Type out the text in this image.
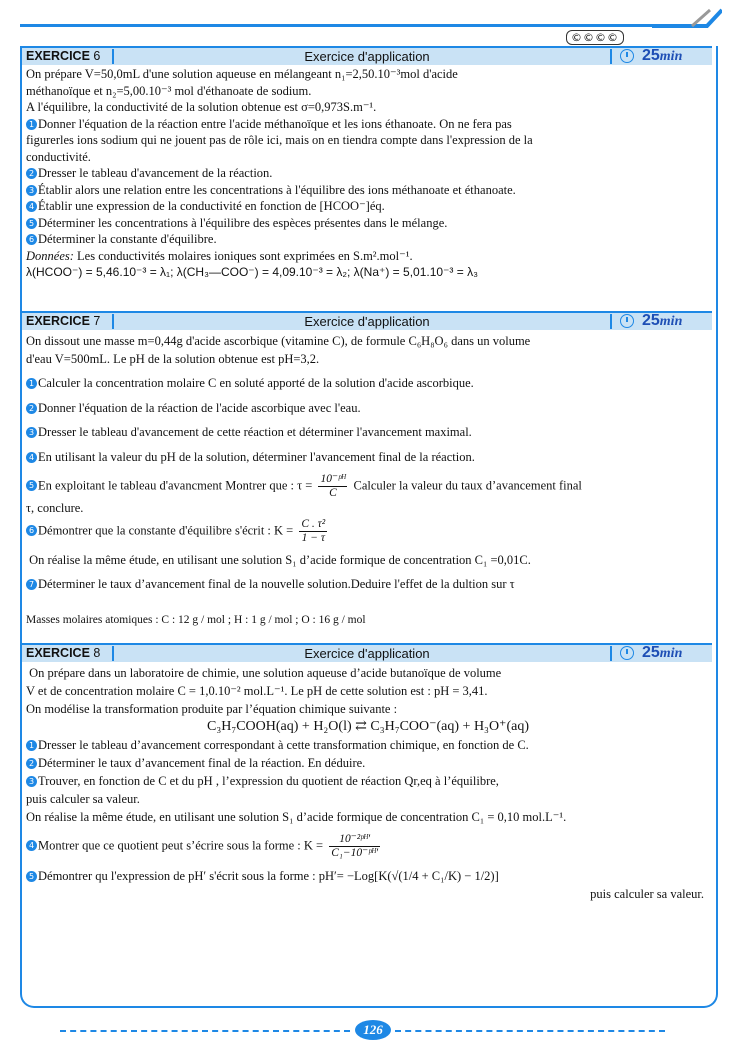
©©©©
EXERCICE 6	Exercice d'application	25min

On prépare V=50,0mL d'une solution aqueuse en mélangeant n₁=2,50.10⁻³mol d'acide

méthanoïque et n₂=5,00.10⁻³ mol d'éthanoate de sodium.

A l'équilibre, la conductivité de la solution obtenue est σ=0,973S.m⁻¹.

1 Donner l'équation de la réaction entre l'acide méthanoïque et les ions éthanoate. On ne fera pas

figurerles ions sodium qui ne jouent pas de rôle ici, mais on en tiendra compte dans l'expression de la

conductivité.

2 Dresser le tableau d'avancement de la réaction.

3 Établir alors une relation entre les concentrations à l'équilibre des ions méthanoate et éthanoate.

4 Établir une expression de la conductivité en fonction de [HCOO⁻]éq.

5 Déterminer les concentrations à l'équilibre des espèces présentes dans le mélange.

6 Déterminer la constante d'équilibre.

Données: Les conductivités molaires ioniques sont exprimées en S.m².mol⁻¹.

λ(HCOO⁻) = 5,46.10⁻³ = λ₁; λ(CH₃—COO⁻) = 4,09.10⁻³ = λ₂; λ(Na⁺) = 5,01.10⁻³ = λ₃

EXERCICE 7	Exercice d'application	25min

On dissout une masse m=0,44g d'acide ascorbique (vitamine C), de formule C₆H₈O₆ dans un volume

d'eau V=500mL. Le pH de la solution obtenue est pH=3,2.

1 Calculer la concentration molaire C en soluté apporté de la solution d'acide ascorbique.

2 Donner l'équation de la réaction de l'acide ascorbique avec l'eau.

3 Dresser le tableau d'avancement de cette réaction et déterminer l'avancement maximal.

4 En utilisant la valeur du pH de la solution, déterminer l'avancement final de la réaction.

5 En exploitant le tableau d'avancment Montrer que : $\tau = \frac{\text{10⁻ᵖᴴ}}{C}$ Calculer la valeur du taux d’avancement final

τ, conclure.

6 Démontrer que la constante d'équilibre s'écrit : $K = \frac{\text{C . τ²}}{1 - \tau}$

On réalise la même étude, en utilisant une solution S₁ d’acide formique de concentration C₁ =0,01C.

7 Déterminer le taux d’avancement final de la nouvelle solution.Deduire l'effet de la dultion sur τ

Masses molaires atomiques : C : 12 g / mol ; H : 1 g / mol ; O : 16 g / mol

EXERCICE 8	Exercice d'application	25min

On prépare dans un laboratoire de chimie, une solution aqueuse d’acide butanoïque de volume

V et de concentration molaire C = 1,0.10⁻² mol.L⁻¹. Le pH de cette solution est : pH = 3,41.

On modélise la transformation produite par l’équation chimique suivante :

C₃H₇COOH(aq) + H₂O(l) ⇄ C₃H₇COO⁻(aq) + H₃O⁺(aq)

1 Dresser le tableau d’avancement correspondant à cette transformation chimique, en fonction de C.

2 Déterminer le taux d’avancement final de la réaction. En déduire.

3 Trouver, en fonction de C et du pH , l’expression du quotient de réaction Qr,eq à l’équilibre,

puis calculer sa valeur.

On réalise la même étude, en utilisant une solution S₁ d’acide formique de concentration C₁ = 0,10 mol.L⁻¹.

4 Montrer que ce quotient peut s’écrire sous la forme : $K = \frac{\text{10⁻²ᵖᴴ′}}{\text{C₁−10⁻ᵖᴴ′}}$

5 Démontrer qu l'expression de pH′ s'écrit sous la forme : pH′= −Log[K(√(1/4 + C₁/K) − 1/2)]

puis calculer sa valeur.

126
